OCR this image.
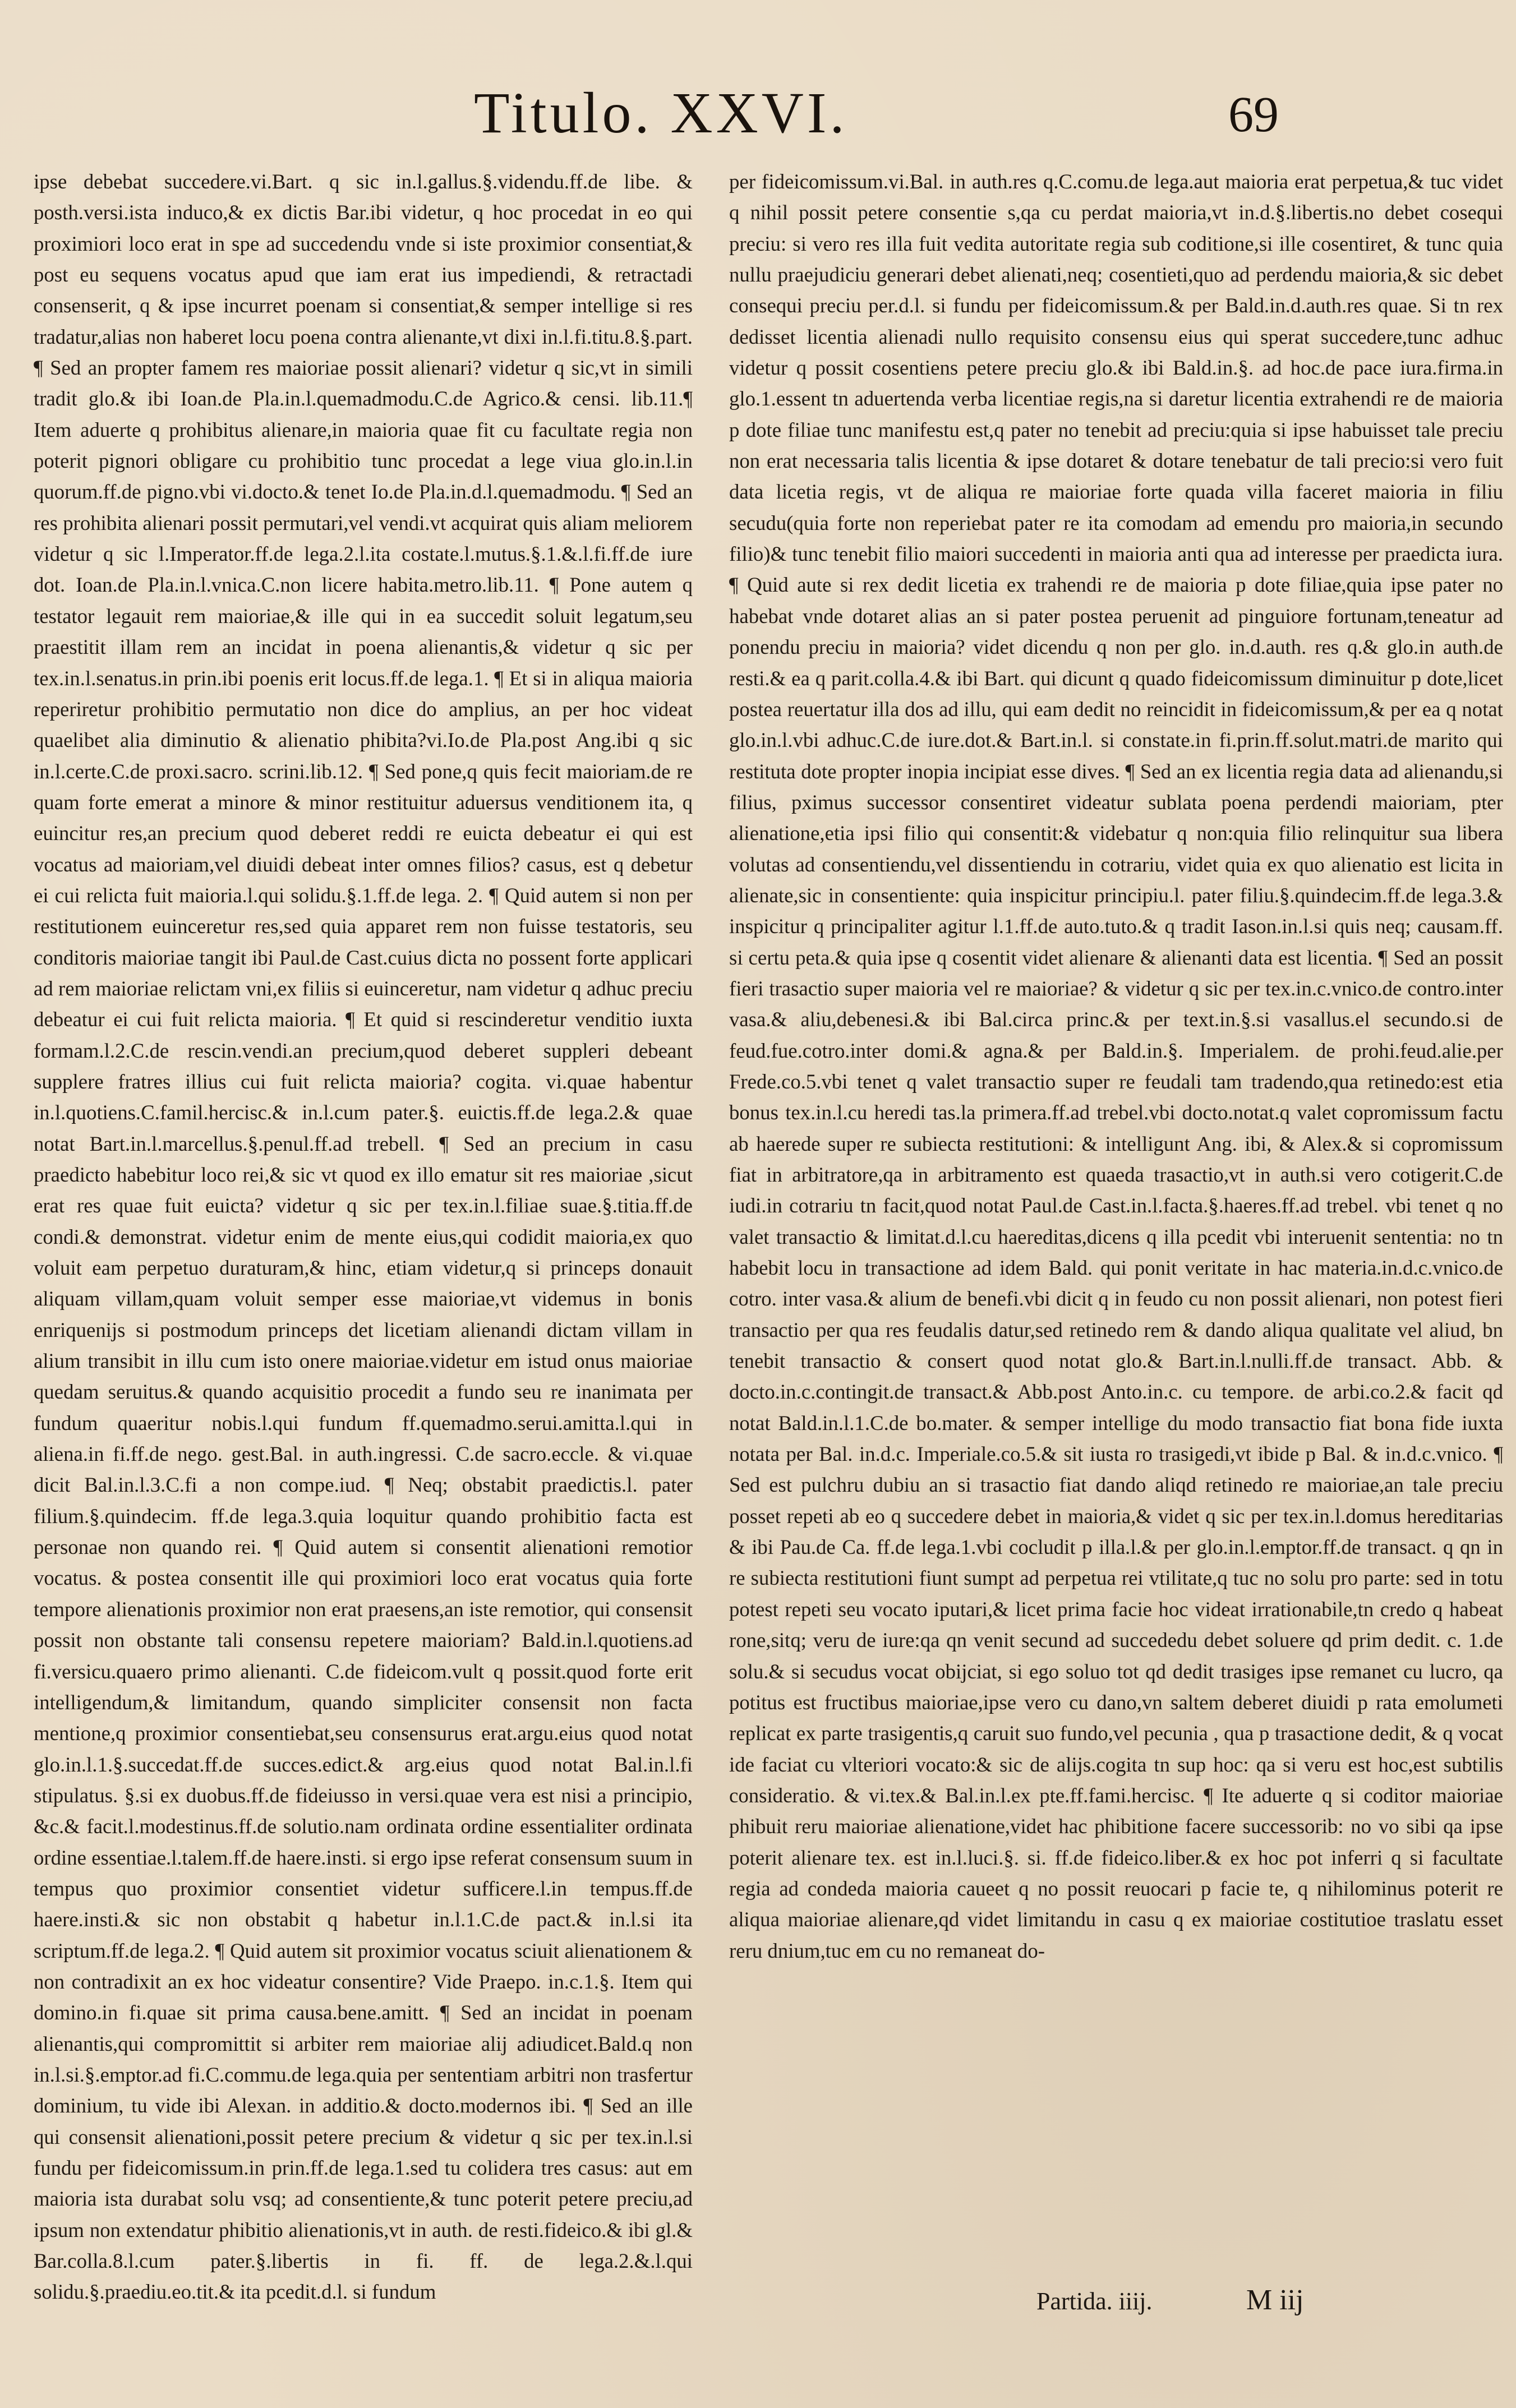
Titulo. XXVI.	69

ipse debebat succedere.vi.Bart. q sic in.l.gallus.§.videndu.ff.de libe. & posth.versi.ista induco,& ex dictis Bar.ibi videtur, q hoc procedat in eo qui proximiori loco erat in spe ad succedendu vnde si iste proximior consentiat,& post eu sequens vocatus apud que iam erat ius impediendi, & retractadi consenserit, q & ipse incurret poenam si consentiat,& semper intellige si res tradatur,alias non haberet locu poena contra alienante,vt dixi in.l.fi.titu.8.§.part. ¶ Sed an propter famem res maioriae possit alienari? videtur q sic,vt in simili tradit glo.& ibi Ioan.de Pla.in.l.quemadmodu.C.de Agrico.& censi. lib.11.¶ Item aduerte q prohibitus alienare,in maioria quae fit cu facultate regia non poterit pignori obligare cu prohibitio tunc procedat a lege viua glo.in.l.in quorum.ff.de pigno.vbi vi.docto.& tenet Io.de Pla.in.d.l.quemadmodu. ¶ Sed an res prohibita alienari possit permutari,vel vendi.vt acquirat quis aliam meliorem videtur q sic l.Imperator.ff.de lega.2.l.ita costate.l.mutus.§.1.&.l.fi.ff.de iure dot. Ioan.de Pla.in.l.vnica.C.non licere habita.metro.lib.11. ¶ Pone autem q testator legauit rem maioriae,& ille qui in ea succedit soluit legatum,seu praestitit illam rem an incidat in poena alienantis,& videtur q sic per tex.in.l.senatus.in prin.ibi poenis erit locus.ff.de lega.1. ¶ Et si in aliqua maioria reperiretur prohibitio permutatio non dice do amplius, an per hoc videat quaelibet alia diminutio & alienatio phibita?vi.Io.de Pla.post Ang.ibi q sic in.l.certe.C.de proxi.sacro. scrini.lib.12. ¶ Sed pone,q quis fecit maioriam.de re quam forte emerat a minore & minor restituitur aduersus venditionem ita, q euincitur res,an precium quod deberet reddi re euicta debeatur ei qui est vocatus ad maioriam,vel diuidi debeat inter omnes filios? casus, est q debetur ei cui relicta fuit maioria.l.qui solidu.§.1.ff.de lega. 2. ¶ Quid autem si non per restitutionem euinceretur res,sed quia apparet rem non fuisse testatoris, seu conditoris maioriae tangit ibi Paul.de Cast.cuius dicta no possent forte applicari ad rem maioriae relictam vni,ex filiis si euinceretur, nam videtur q adhuc preciu debeatur ei cui fuit relicta maioria. ¶ Et quid si rescinderetur venditio iuxta formam.l.2.C.de rescin.vendi.an precium,quod deberet suppleri debeant supplere fratres illius cui fuit relicta maioria? cogita. vi.quae habentur in.l.quotiens.C.famil.hercisc.& in.l.cum pater.§. euictis.ff.de lega.2.& quae notat Bart.in.l.marcellus.§.penul.ff.ad trebell. ¶ Sed an precium in casu praedicto habebitur loco rei,& sic vt quod ex illo ematur sit res maioriae ,sicut erat res quae fuit euicta? videtur q sic per tex.in.l.filiae suae.§.titia.ff.de condi.& demonstrat. videtur enim de mente eius,qui codidit maioria,ex quo voluit eam perpetuo duraturam,& hinc, etiam videtur,q si princeps donauit aliquam villam,quam voluit semper esse maioriae,vt videmus in bonis enriquenijs si postmodum princeps det licetiam alienandi dictam villam in alium transibit in illu cum isto onere maioriae.videtur em istud onus maioriae quedam seruitus.& quando acquisitio procedit a fundo seu re inanimata per fundum quaeritur nobis.l.qui fundum ff.quemadmo.serui.amitta.l.qui in aliena.in fi.ff.de nego. gest.Bal. in auth.ingressi. C.de sacro.eccle. & vi.quae dicit Bal.in.l.3.C.fi a non compe.iud. ¶ Neq; obstabit praedictis.l. pater filium.§.quindecim. ff.de lega.3.quia loquitur quando prohibitio facta est personae non quando rei. ¶ Quid autem si consentit alienationi remotior vocatus. & postea consentit ille qui proximiori loco erat vocatus quia forte tempore alienationis proximior non erat praesens,an iste remotior, qui consensit possit non obstante tali consensu repetere maioriam? Bald.in.l.quotiens.ad fi.versicu.quaero primo alienanti. C.de fideicom.vult q possit.quod forte erit intelligendum,& limitandum, quando simpliciter consensit non facta mentione,q proximior consentiebat,seu consensurus erat.argu.eius quod notat glo.in.l.1.§.succedat.ff.de succes.edict.& arg.eius quod notat Bal.in.l.fi stipulatus. §.si ex duobus.ff.de fideiusso in versi.quae vera est nisi a principio, &c.& facit.l.modestinus.ff.de solutio.nam ordinata ordine essentialiter ordinata ordine essentiae.l.talem.ff.de haere.insti. si ergo ipse referat consensum suum in tempus quo proximior consentiet videtur sufficere.l.in tempus.ff.de haere.insti.& sic non obstabit q habetur in.l.1.C.de pact.& in.l.si ita scriptum.ff.de lega.2. ¶ Quid autem sit proximior vocatus sciuit alienationem & non contradixit an ex hoc videatur consentire? Vide Praepo. in.c.1.§. Item qui domino.in fi.quae sit prima causa.bene.amitt. ¶ Sed an incidat in poenam alienantis,qui compromittit si arbiter rem maioriae alij adiudicet.Bald.q non in.l.si.§.emptor.ad fi.C.commu.de lega.quia per sententiam arbitri non trasfertur dominium, tu vide ibi Alexan. in additio.& docto.modernos ibi. ¶ Sed an ille qui consensit alienationi,possit petere precium & videtur q sic per tex.in.l.si fundu per fideicomissum.in prin.ff.de lega.1.sed tu colidera tres casus: aut em maioria ista durabat solu vsq; ad consentiente,& tunc poterit petere preciu,ad ipsum non extendatur phibitio alienationis,vt in auth. de resti.fideico.& ibi gl.& Bar.colla.8.l.cum pater.§.libertis in fi. ff. de lega.2.&.l.qui solidu.§.praediu.eo.tit.& ita pcedit.d.l. si fundum

per fideicomissum.vi.Bal. in auth.res q.C.comu.de lega.aut maioria erat perpetua,& tuc videt q nihil possit petere consentie s,qa cu perdat maioria,vt in.d.§.libertis.no debet cosequi preciu: si vero res illa fuit vedita autoritate regia sub coditione,si ille cosentiret, & tunc quia nullu praejudiciu generari debet alienati,neq; cosentieti,quo ad perdendu maioria,& sic debet consequi preciu per.d.l. si fundu per fideicomissum.& per Bald.in.d.auth.res quae. Si tn rex dedisset licentia alienadi nullo requisito consensu eius qui sperat succedere,tunc adhuc videtur q possit cosentiens petere preciu glo.& ibi Bald.in.§. ad hoc.de pace iura.firma.in glo.1.essent tn aduertenda verba licentiae regis,na si daretur licentia extrahendi re de maioria p dote filiae tunc manifestu est,q pater no tenebit ad preciu:quia si ipse habuisset tale preciu non erat necessaria talis licentia & ipse dotaret & dotare tenebatur de tali precio:si vero fuit data licetia regis, vt de aliqua re maioriae forte quada villa faceret maioria in filiu secudu(quia forte non reperiebat pater re ita comodam ad emendu pro maioria,in secundo filio)& tunc tenebit filio maiori succedenti in maioria anti qua ad interesse per praedicta iura. ¶ Quid aute si rex dedit licetia ex trahendi re de maioria p dote filiae,quia ipse pater no habebat vnde dotaret alias an si pater postea peruenit ad pinguiore fortunam,teneatur ad ponendu preciu in maioria? videt dicendu q non per glo. in.d.auth. res q.& glo.in auth.de resti.& ea q parit.colla.4.& ibi Bart. qui dicunt q quado fideicomissum diminuitur p dote,licet postea reuertatur illa dos ad illu, qui eam dedit no reincidit in fideicomissum,& per ea q notat glo.in.l.vbi adhuc.C.de iure.dot.& Bart.in.l. si constate.in fi.prin.ff.solut.matri.de marito qui restituta dote propter inopia incipiat esse dives. ¶ Sed an ex licentia regia data ad alienandu,si filius, pximus successor consentiret videatur sublata poena perdendi maioriam, pter alienatione,etia ipsi filio qui consentit:& videbatur q non:quia filio relinquitur sua libera volutas ad consentiendu,vel dissentiendu in cotrariu, videt quia ex quo alienatio est licita in alienate,sic in consentiente: quia inspicitur principiu.l. pater filiu.§.quindecim.ff.de lega.3.& inspicitur q principaliter agitur l.1.ff.de auto.tuto.& q tradit Iason.in.l.si quis neq; causam.ff. si certu peta.& quia ipse q cosentit videt alienare & alienanti data est licentia. ¶ Sed an possit fieri trasactio super maioria vel re maioriae? & videtur q sic per tex.in.c.vnico.de contro.inter vasa.& aliu,debenesi.& ibi Bal.circa princ.& per text.in.§.si vasallus.el secundo.si de feud.fue.cotro.inter domi.& agna.& per Bald.in.§. Imperialem. de prohi.feud.alie.per Frede.co.5.vbi tenet q valet transactio super re feudali tam tradendo,qua retinedo:est etia bonus tex.in.l.cu heredi tas.la primera.ff.ad trebel.vbi docto.notat.q valet copromissum factu ab haerede super re subiecta restitutioni: & intelligunt Ang. ibi, & Alex.& si copromissum fiat in arbitratore,qa in arbitramento est quaeda trasactio,vt in auth.si vero cotigerit.C.de iudi.in cotrariu tn facit,quod notat Paul.de Cast.in.l.facta.§.haeres.ff.ad trebel. vbi tenet q no valet transactio & limitat.d.l.cu haereditas,dicens q illa pcedit vbi interuenit sententia: no tn habebit locu in transactione ad idem Bald. qui ponit veritate in hac materia.in.d.c.vnico.de cotro. inter vasa.& alium de benefi.vbi dicit q in feudo cu non possit alienari, non potest fieri transactio per qua res feudalis datur,sed retinedo rem & dando aliqua qualitate vel aliud, bn tenebit transactio & consert quod notat glo.& Bart.in.l.nulli.ff.de transact. Abb. & docto.in.c.contingit.de transact.& Abb.post Anto.in.c. cu tempore. de arbi.co.2.& facit qd notat Bald.in.l.1.C.de bo.mater. & semper intellige du modo transactio fiat bona fide iuxta notata per Bal. in.d.c. Imperiale.co.5.& sit iusta ro trasigedi,vt ibide p Bal. & in.d.c.vnico. ¶ Sed est pulchru dubiu an si trasactio fiat dando aliqd retinedo re maioriae,an tale preciu posset repeti ab eo q succedere debet in maioria,& videt q sic per tex.in.l.domus hereditarias & ibi Pau.de Ca. ff.de lega.1.vbi cocludit p illa.l.& per glo.in.l.emptor.ff.de transact. q qn in re subiecta restitutioni fiunt sumpt ad perpetua rei vtilitate,q tuc no solu pro parte: sed in totu potest repeti seu vocato iputari,& licet prima facie hoc videat irrationabile,tn credo q habeat rone,sitq; veru de iure:qa qn venit secund ad succededu debet soluere qd prim dedit. c. 1.de solu.& si secudus vocat obijciat, si ego soluo tot qd dedit trasiges ipse remanet cu lucro, qa potitus est fructibus maioriae,ipse vero cu dano,vn saltem deberet diuidi p rata emolumeti replicat ex parte trasigentis,q caruit suo fundo,vel pecunia , qua p trasactione dedit, & q vocat ide faciat cu vlteriori vocato:& sic de alijs.cogita tn sup hoc: qa si veru est hoc,est subtilis consideratio. & vi.tex.& Bal.in.l.ex pte.ff.fami.hercisc. ¶ Ite aduerte q si coditor maioriae phibuit reru maioriae alienatione,videt hac phibitione facere successorib: no vo sibi qa ipse poterit alienare tex. est in.l.luci.§. si. ff.de fideico.liber.& ex hoc pot inferri q si facultate regia ad condeda maioria caueet q no possit reuocari p facie te, q nihilominus poterit re aliqua maioriae alienare,qd videt limitandu in casu q ex maioriae costitutioe traslatu esset reru dnium,tuc em cu no remaneat do-

Partida. iiij.	M iij
